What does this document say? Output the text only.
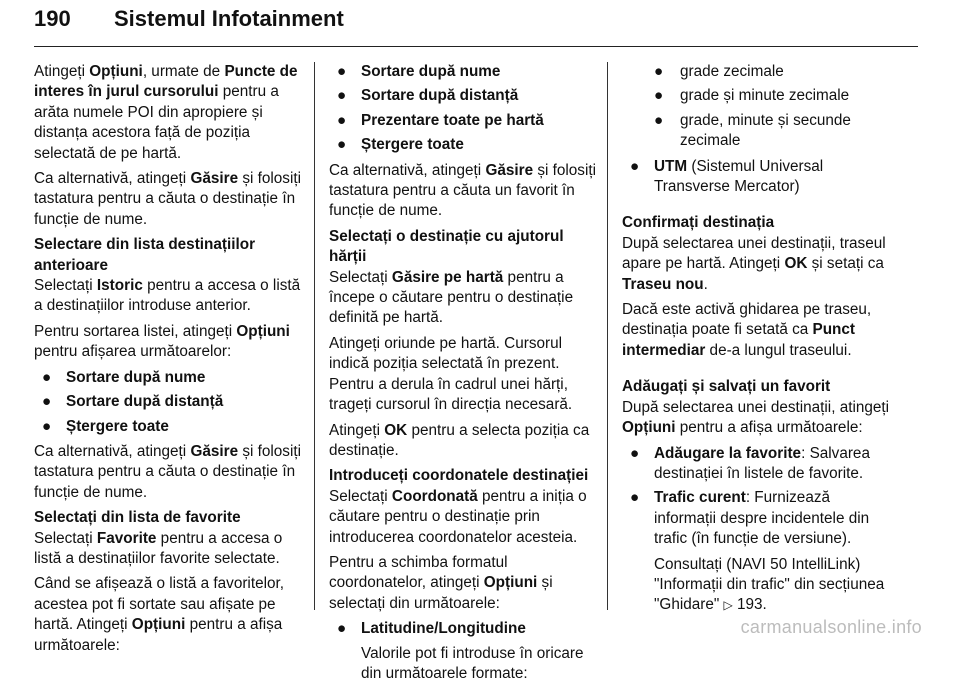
190 Sistemul Infotainment

Atingeți Opțiuni, urmate de Puncte de interes în jurul cursorului pentru a arăta numele POI din apropiere și distanța acestora față de poziția selectată de pe hartă.

Ca alternativă, atingeți Găsire și folosiți tastatura pentru a căuta o destinație în funcție de nume.

Selectare din lista destinațiilor anterioare

Selectați Istoric pentru a accesa o listă a destinațiilor introduse anterior.

Pentru sortarea listei, atingeți Opțiuni pentru afișarea următoarelor:

● Sortare după nume
● Sortare după distanță
● Ștergere toate

Ca alternativă, atingeți Găsire și folosiți tastatura pentru a căuta o destinație în funcție de nume.

Selectați din lista de favorite

Selectați Favorite pentru a accesa o listă a destinațiilor favorite selectate.

Când se afișează o listă a favoritelor, acestea pot fi sortate sau afișate pe hartă. Atingeți Opțiuni pentru a afișa următoarele:

● Sortare după nume
● Sortare după distanță
● Prezentare toate pe hartă
● Ștergere toate

Ca alternativă, atingeți Găsire și folosiți tastatura pentru a căuta un favorit în funcție de nume.

Selectați o destinație cu ajutorul hărții

Selectați Găsire pe hartă pentru a începe o căutare pentru o destinație definită pe hartă.

Atingeți oriunde pe hartă. Cursorul indică poziția selectată în prezent. Pentru a derula în cadrul unei hărți, trageți cursorul în direcția necesară.

Atingeți OK pentru a selecta poziția ca destinație.

Introduceți coordonatele destinației

Selectați Coordonată pentru a iniția o căutare pentru o destinație prin introducerea coordonatelor acesteia.

Pentru a schimba formatul coordonatelor, atingeți Opțiuni și selectați din următoarele:

● Latitudine/Longitudine

Valorile pot fi introduse în oricare din următoarele formate:

● grade zecimale
● grade și minute zecimale
● grade, minute și secunde zecimale
● UTM (Sistemul Universal Transverse Mercator)

Confirmați destinația

După selectarea unei destinații, traseul apare pe hartă. Atingeți OK și setați ca Traseu nou.

Dacă este activă ghidarea pe traseu, destinația poate fi setată ca Punct intermediar de-a lungul traseului.

Adăugați și salvați un favorit

După selectarea unei destinații, atingeți Opțiuni pentru a afișa următoarele:

● Adăugare la favorite: Salvarea destinației în listele de favorite.
● Trafic curent: Furnizează informații despre incidentele din trafic (în funcție de versiune).

Consultați (NAVI 50 IntelliLink) "Informații din trafic" din secțiunea "Ghidare" ▷ 193.

carmanualsonline.info
